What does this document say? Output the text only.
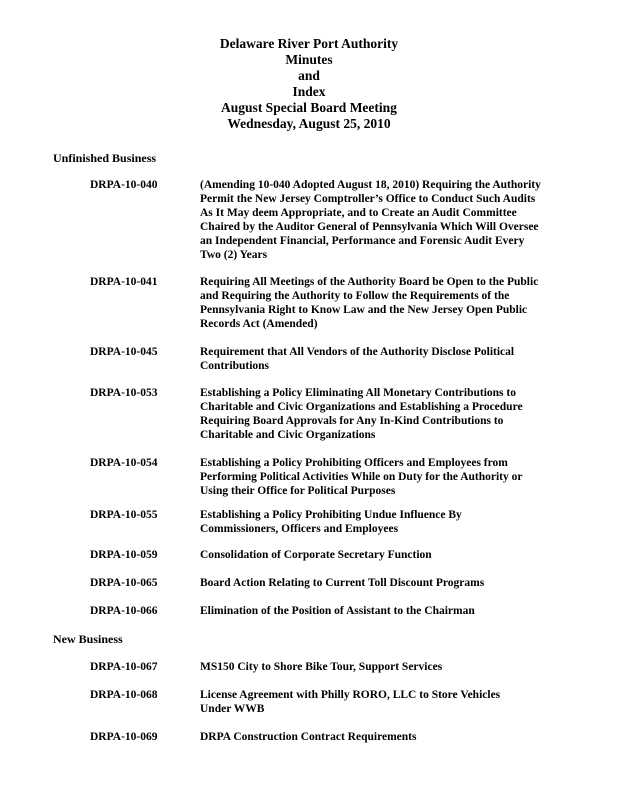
Delaware River Port Authority
Minutes
and
Index
August Special Board Meeting
Wednesday, August 25, 2010
Unfinished Business
DRPA-10-040	(Amending 10-040 Adopted August 18, 2010) Requiring the Authority
Permit the New Jersey Comptroller’s Office to Conduct Such Audits
As It May deem Appropriate, and to Create an Audit Committee
Chaired by the Auditor General of Pennsylvania Which Will Oversee
an Independent Financial, Performance and Forensic Audit Every
Two (2) Years
DRPA-10-041	Requiring All Meetings of the Authority Board be Open to the Public
and Requiring the Authority to Follow the Requirements of the
Pennsylvania Right to Know Law and the New Jersey Open Public
Records Act (Amended)
DRPA-10-045	Requirement that All Vendors of the Authority Disclose Political
Contributions
DRPA-10-053	Establishing a Policy Eliminating All Monetary Contributions to
Charitable and Civic Organizations and Establishing a Procedure
Requiring Board Approvals for Any In-Kind Contributions to
Charitable and Civic Organizations
DRPA-10-054	Establishing a Policy Prohibiting Officers and Employees from
Performing Political Activities While on Duty for the Authority or
Using their Office for Political Purposes
DRPA-10-055	Establishing a Policy Prohibiting Undue Influence By
Commissioners, Officers and Employees
DRPA-10-059	Consolidation of Corporate Secretary Function
DRPA-10-065	Board Action Relating to Current Toll Discount Programs
DRPA-10-066	Elimination of the Position of Assistant to the Chairman
New Business
DRPA-10-067	MS150 City to Shore Bike Tour, Support Services
DRPA-10-068	License Agreement with Philly RORO, LLC to Store Vehicles
Under WWB
DRPA-10-069	DRPA Construction Contract Requirements
